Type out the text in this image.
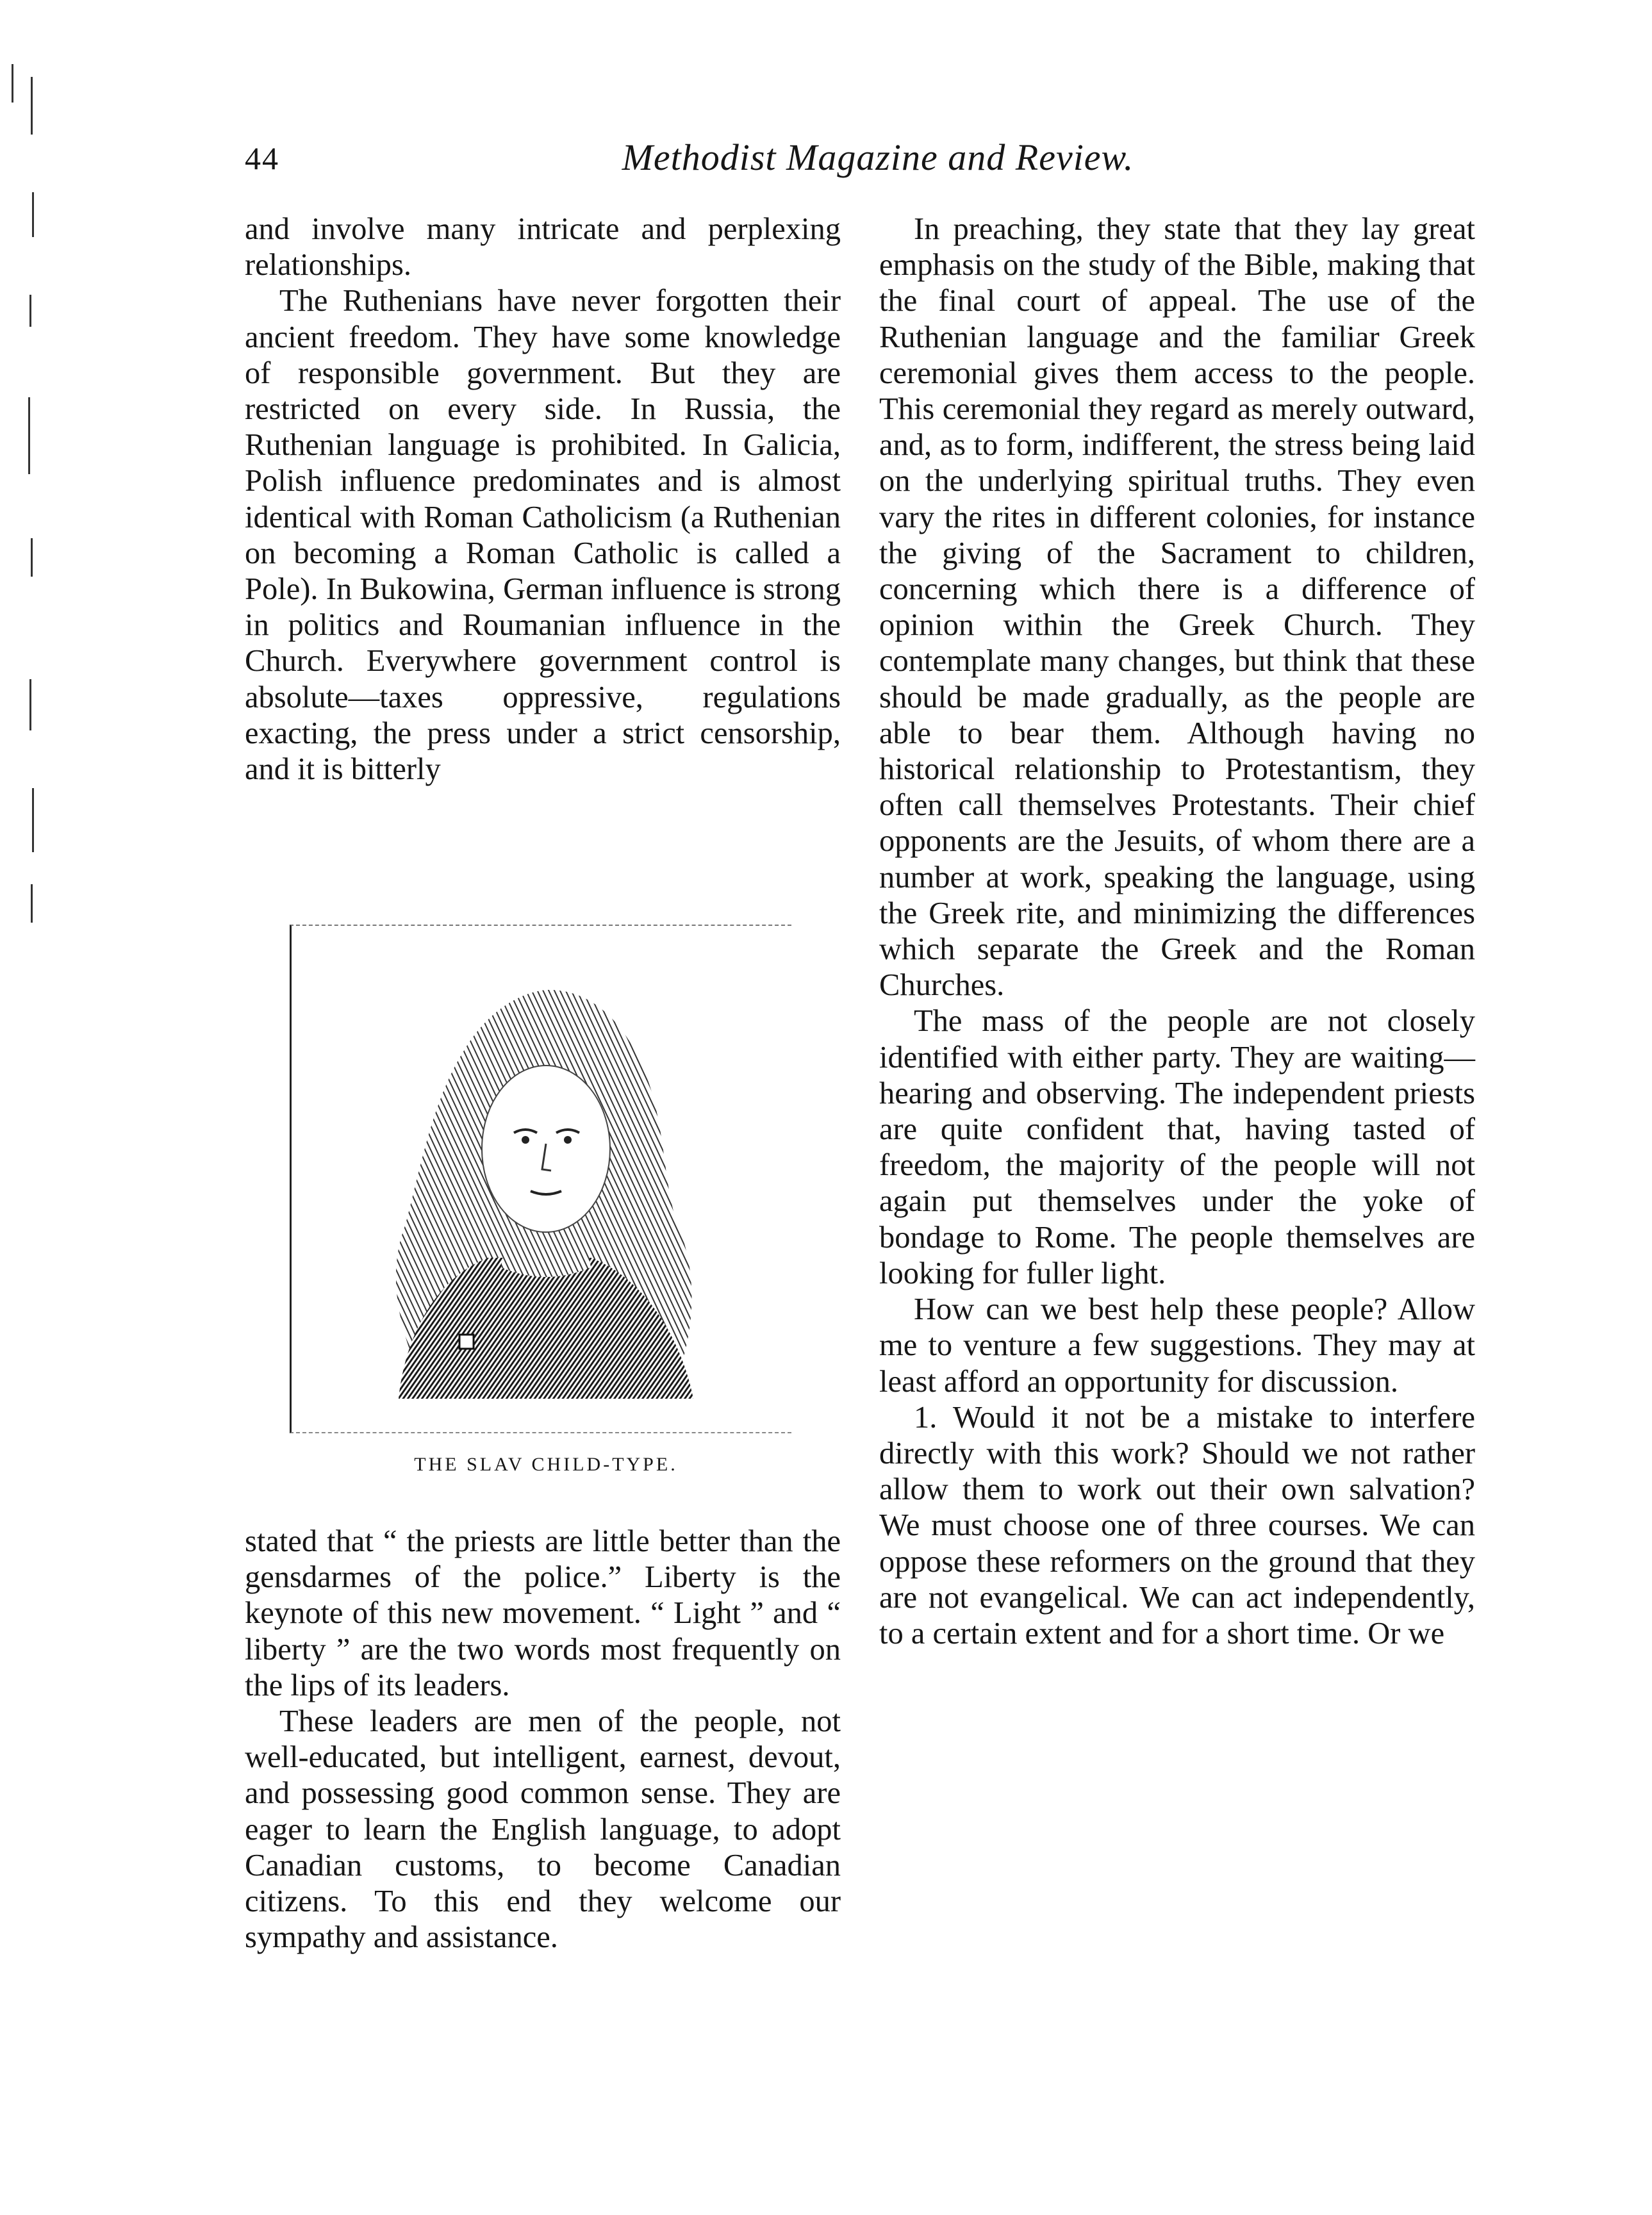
44	Methodist Magazine and Review.

and involve many intricate and perplexing relationships.

The Ruthenians have never forgotten their ancient freedom. They have some knowledge of responsible government. But they are restricted on every side. In Russia, the Ruthenian language is prohibited. In Galicia, Polish influence predominates and is almost identical with Roman Catholicism (a Ruthenian on becoming a Roman Catholic is called a Pole). In Bukowina, German influence is strong in politics and Roumanian influence in the Church. Everywhere government control is absolute—taxes oppressive, regulations exacting, the press under a strict censorship, and it is bitterly

THE SLAV CHILD-TYPE.

stated that “ the priests are little better than the gensdarmes of the police.” Liberty is the keynote of this new movement. “ Light ” and “ liberty ” are the two words most frequently on the lips of its leaders.

These leaders are men of the people, not well-educated, but intelligent, earnest, devout, and possessing good common sense. They are eager to learn the English language, to adopt Canadian customs, to become Canadian citizens. To this end they welcome our sympathy and assistance.

In preaching, they state that they lay great emphasis on the study of the Bible, making that the final court of appeal. The use of the Ruthenian language and the familiar Greek ceremonial gives them access to the people. This ceremonial they regard as merely outward, and, as to form, indifferent, the stress being laid on the underlying spiritual truths. They even vary the rites in different colonies, for instance the giving of the Sacrament to children, concerning which there is a difference of opinion within the Greek Church. They contemplate many changes, but think that these should be made gradually, as the people are able to bear them. Although having no historical relationship to Protestantism, they often call themselves Protestants. Their chief opponents are the Jesuits, of whom there are a number at work, speaking the language, using the Greek rite, and minimizing the differences which separate the Greek and the Roman Churches.

The mass of the people are not closely identified with either party. They are waiting—hearing and observing. The independent priests are quite confident that, having tasted of freedom, the majority of the people will not again put themselves under the yoke of bondage to Rome. The people themselves are looking for fuller light.

How can we best help these people? Allow me to venture a few suggestions. They may at least afford an opportunity for discussion.

1. Would it not be a mistake to interfere directly with this work? Should we not rather allow them to work out their own salvation? We must choose one of three courses. We can oppose these reformers on the ground that they are not evangelical. We can act independently, to a certain extent and for a short time. Or we
